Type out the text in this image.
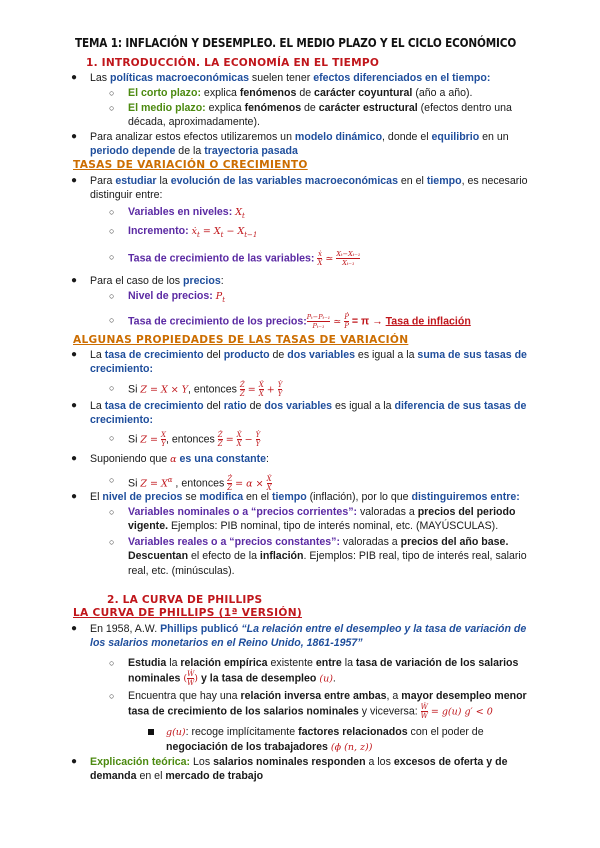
TEMA 1: INFLACIÓN Y DESEMPLEO. EL MEDIO PLAZO Y EL CICLO ECONÓMICO
1. INTRODUCCIÓN. LA ECONOMÍA EN EL TIEMPO
● Las políticas macroeconómicas suelen tener efectos diferenciados en el tiempo:
○ El corto plazo: explica fenómenos de carácter coyuntural (año a año).
○ El medio plazo: explica fenómenos de carácter estructural (efectos dentro una década, aproximadamente).
● Para analizar estos efectos utilizaremos un modelo dinámico, donde el equilibrio en un periodo depende de la trayectoria pasada
TASAS DE VARIACIÓN O CRECIMIENTO
● Para estudiar la evolución de las variables macroeconómicas en el tiempo, es necesario distinguir entre:
○ Variables en niveles: $X_t$
○ Incremento: ẋ$_t$ = $X_t - X_{t-1}$
○ Tasa de crecimiento de las variables: $\frac{\text{ẋ}}{X}$ ≃ $\frac{\text{Xₜ−Xₜ₋₁}}{\text{Xₜ₋₁}}$
● Para el caso de los precios:
○ Nivel de precios: $P_t$
○ Tasa de crecimiento de los precios: $\frac{\text{Pₜ−Pₜ₋₁}}{\text{Pₜ₋₁}}$ ≃ $\frac{\text{Ṗ}}{P} = \pi$ → Tasa de inflación
ALGUNAS PROPIEDADES DE LAS TASAS DE VARIACIÓN
● La tasa de crecimiento del producto de dos variables es igual a la suma de sus tasas de crecimiento:
○ Si Z = X × Y, entonces $\frac{Ż}{Z} = \frac{\text{Ẋ}}{X} + \frac{\text{Ẏ}}{Y}$
● La tasa de crecimiento del ratio de dos variables es igual a la diferencia de sus tasas de crecimiento:
○ Si $Z = \frac{X}{Y}$ , entonces $\frac{Ż}{Z} = \frac{\text{Ẋ}}{X} - \frac{\text{Ẏ}}{Y}$
● Suponiendo que α es una constante:
○ Si $Z = X^\alpha$ , entonces $\frac{Ż}{Z} = \alpha \times \frac{\text{Ẋ}}{X}$
● El nivel de precios se modifica en el tiempo (inflación), por lo que distinguiremos entre:
○ Variables nominales o a “precios corrientes”: valoradas a precios del periodo vigente. Ejemplos: PIB nominal, tipo de interés nominal, etc. (MAYÚSCULAS).
○ Variables reales o a “precios constantes”: valoradas a precios del año base. Descuentan el efecto de la inflación. Ejemplos: PIB real, tipo de interés real, salario real, etc. (minúsculas).
2. LA CURVA DE PHILLIPS
LA CURVA DE PHILLIPS (1ª VERSIÓN)
● En 1958, A.W. Phillips publicó “La relación entre el desempleo y la tasa de variación de los salarios monetarios en el Reino Unido, 1861-1957”
○ Estudia la relación empírica existente entre la tasa de variación de los salarios nominales ( $\frac{\text{Ẇ}}{W}$ ) y la tasa de desempleo (u).
○ Encuentra que hay una relación inversa entre ambas, a mayor desempleo menor tasa de crecimiento de los salarios nominales y viceversa: $\frac{\text{Ẇ}}{W} = g(u) g' < 0$
g(u): recoge implícitamente factores relacionados con el poder de negociación de los trabajadores (ϕ (n, z))
● Explicación teórica: Los salarios nominales responden a los excesos de oferta y de demanda en el mercado de trabajo
